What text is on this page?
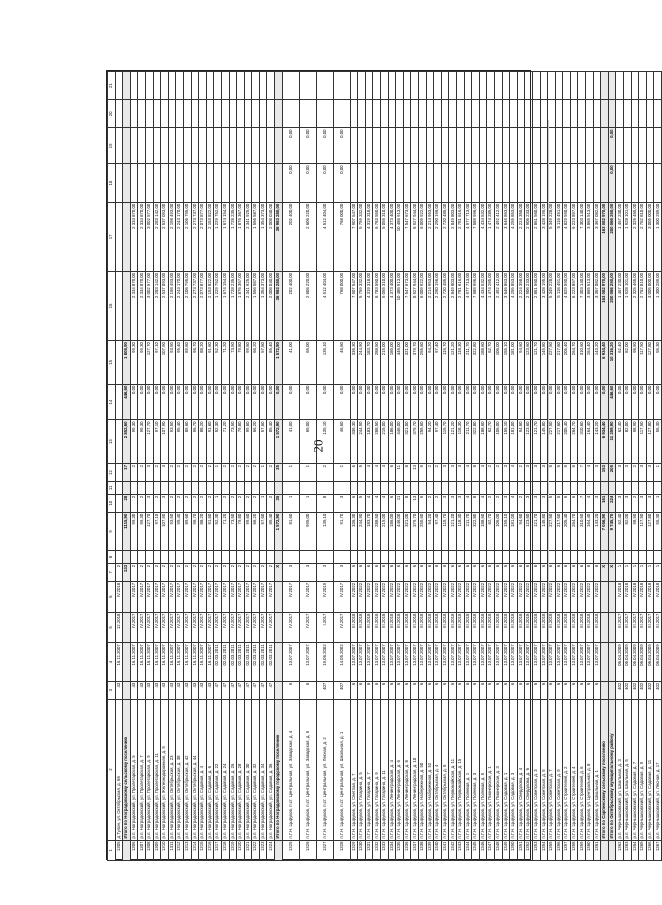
20
1	2	3	4	5	6	7	8	9	10	11	12	13	14	15	16	17	18	19	20	21
1305	д.Тулон, ул. Октябрьская, д. 65	43	16.11.2007	12.2018	IV.2018	2														
	Итого по Ноградовскому сельскому поселению					133		1115,90	28		17	2 852,60	446,60	1 808,90						
1306	р.п. Ноградовский, ул. Пролетарская, д. 5	43	16.11.2007	IV.2017	IV.2017	2		99,30	2		2	99,30	0,00	99,30	2 334 870,00	2 334 870,00				
1307	р.п. Ноградовский, ул. Пролетарская, д. 7	43	16.11.2007	IV.2017	IV.2017	2		99,30	2		2	99,30	0,00	99,30	2 334 870,00	2 334 870,00				
1308	р.п. Ноградовский, ул. Пролетарская, д. 9	43	16.11.2007	IV.2017	IV.2017	2		127,70	3		3	127,70	0,00	127,70	3 002 577,00	3 002 577,00				
1309	р.п. Ноградовский, ул. Пролетарская, д. 11	43	16.11.2007	IV.2017	IV.2017	2		97,10	2		2	97,10	0,00	97,10	2 283 142,00	2 283 142,00				
1310	р.п. Ноградовский, ул. Железнодорожная, д. 5	43	16.11.2007	IV.2017	IV.2017	2		107,90	3		3	107,90	0,00	107,90	2 537 093,00	2 537 093,00				
1311	р.п. Ноградовский, ул. Октябрьская, д. 23	43	16.11.2007	IV.2017	IV.2017	2		93,50	2		2	93,50	0,00	93,50	2 198 493,00	2 198 493,00				
1312	р.п. Ноградовский, ул. Октябрьская, д. 38	43	16.11.2007	IV.2017	IV.2017	2		95,40	2		2	95,40	0,00	95,40	2 243 170,00	2 243 170,00				
1313	р.п. Ноградовский, ул. Октябрьская, д. 42	43	16.11.2007	IV.2017	IV.2017	2		89,60	2		2	89,60	0,00	89,60	2 106 795,00	2 106 795,00				
1314	р.п. Ноградовский, ул. Октябрьская, д. 44	43	16.11.2007	IV.2017	IV.2017	2		96,70	2		2	96,70	0,00	96,70	2 273 737,00	2 273 737,00				
1315	р.п. Ноградовский, ул. Садовая, д. 4	43	16.11.2007	IV.2017	IV.2017	2		88,20	2		2	88,20	0,00	88,20	2 073 877,00	2 073 877,00				
1316	р.п. Ноградовский, ул. Садовая, д. 6	43	16.11.2007	IV.2017	IV.2017	2		91,60	2		2	91,60	0,00	91,60	2 153 822,00	2 153 822,00				
1317	р.п. Ноградовский, ул. Садовая, д. 22	47	02.03.2011	IV.2017	IV.2017	2		52,30	1		1	52,30	0,00	52,30	1 229 752,00	1 229 752,00				
1318	р.п. Ноградовский, ул. Садовая, д. 24	47	02.03.2011	IV.2017	IV.2017	2		71,20	2		2	71,20	0,00	71,20	1 674 154,00	1 674 154,00				
1319	р.п. Ноградовский, ул. Садовая, д. 26	47	02.03.2011	IV.2017	IV.2017	2		73,50	2		2	73,50	0,00	73,50	1 728 235,00	1 728 235,00				
1320	р.п. Ноградовский, ул. Садовая, д. 28	47	02.03.2011	IV.2017	IV.2017	2		79,80	2		2	79,80	0,00	79,80	1 876 367,00	1 876 367,00				
1321	р.п. Ноградовский, ул. Садовая, д. 30	47	02.03.2011	IV.2017	IV.2017	2		99,60	2		2	99,60	0,00	99,60	2 341 925,00	2 341 925,00				
1322	р.п. Ноградовский, ул. Садовая, д. 32	47	02.03.2011	IV.2017	IV.2017	2		66,20	2		2	66,20	0,00	66,20	1 556 587,00	1 556 587,00				
1323	р.п. Ноградовский, ул. Садовая, д. 34	47	02.03.2011	IV.2017	IV.2017	2		57,60	1		1	57,60	0,00	57,60	1 354 373,00	1 354 373,00				
1324	р.п. Ноградовский, ул. Садовая, д. 36	47	02.03.2011	IV.2017	IV.2017	2		85,40	2		2	85,40	0,00	85,40	2 008 040,00	2 008 040,00				
	Итого по Ноградовскому городскому поселению					X		1 572,90	35		35	1 572,90	0,00	1 572,90	36 983 280,00	36 983 280,00				
1325	п.Г.Н. Цыруков, п.ст. Центральная, ул. Заводская, д. 4	6	13.07.2007	IV.2017	IV.2017	3		81,60	1		1	41,00	0,00	41,00	202 400,00	202 400,00	0,00	0,00		
1326	п.Г.Н. Цыруков, п.ст. Центральная, ул. Заводская, д. 5	6	13.07.2007	IV.2017	IV.2017	3		995,00	1		1	65,00	0,00	65,00	2 606 220,00	2 606 220,00	0,00	0,00		
1327	п.Г.Н. Цыруков, п.ст. Центральная, ул. Лесная, д. 2	407	19.06.2002	I.2017	IV.2019	3		135,10	8		2	135,10	0,00	135,10	4 512 404,00	4 512 404,00	0,00	0,00		
1328	п.Г.Н. Цыруков, п.ст. Центральная, ул. Школьная, д. 1	407	14.05.2002	IV.2017	IV.2017	3		91,70	3		1	46,60	0,00	46,60	768 000,00	768 000,00	0,00	0,00		
1329	п.Г.Н. Цыруков, ул. Светлая, д. 7	6	13.07.2007	III.2018	IV.2022	6		336,30	6		6	336,30	0,00	336,30	7 907 547,00	7 907 547,00				
1330	п.Г.Н. Цыруков, ул. Гагарина, д. 5	6	13.07.2007	III.2018	IV.2022	6		244,90	5		5	244,90	0,00	244,90	5 759 332,00	5 759 332,00				
1331	п.Г.Н. Цыруков, ул. Гагарина, д. 7	6	13.07.2007	III.2018	IV.2022	6		183,70	4		4	183,70	0,00	183,70	4 319 318,00	4 319 318,00				
1332	п.Г.Н. Цыруков, ул. Гагарина, д. 9	6	13.07.2007	III.2018	IV.2022	6		288,50	4		4	288,50	0,00	288,50	6 783 550,00	6 783 550,00				
1333	п.Г.Н. Цыруков, ул. Гагарина, д. 11	6	13.07.2007	III.2018	IV.2022	6		215,00	4		4	215,00	0,00	215,00	5 055 310,00	5 055 310,00				
1334	п.Г.Н. Цыруков, ул. Ленинградская, д. 4	6	13.07.2007	III.2018	IV.2022	6		186,00	6		6	186,00	0,00	186,00	4 373 400,00	4 373 400,00				
1335	п.Г.Н. Цыруков, ул. Ленинградская, д. 6	6	13.07.2007	III.2018	IV.2022	6		446,00	11		11	446,00	0,00	446,00	10 486 913,00	10 486 913,00				
1336	п.Г.Н. Цыруков, ул. Ленинградская, д. 8	6	13.07.2007	III.2018	IV.2022	6		321,00	8		8	321,00	0,00	321,00	7 547 673,00	7 547 673,00				
1337	п.Г.Н. Цыруков, ул. Ленинградская, д. 10	6	13.07.2007	III.2018	IV.2022	6		379,70	13		13	379,70	0,00	379,70	8 927 944,00	8 927 944,00				
1338	п.Г.Н. Цыруков, ул. Набережная, д. 50	6	13.07.2007	III.2018	IV.2022	6		255,60	5		5	255,60	0,00	255,60	6 009 922,00	6 009 922,00				
1339	п.Г.Н. Цыруков, ул. Набережная, д. 52	6	13.07.2007	III.2018	IV.2022	6		94,20	2		2	94,20	0,00	94,20	2 214 953,00	2 214 953,00				
1340	п.Г.Н. Цыруков, ул. Октябрьская, д. 4	6	13.07.2007	III.2018	IV.2022	6		97,40	2		2	97,40	0,00	97,40	2 290 196,00	2 290 196,00				
1341	п.Г.Н. Цыруков, ул. Октябрьская, д. 6	6	13.07.2007	III.2018	IV.2022	6		115,70	3		3	115,70	0,00	115,70	2 720 485,00	2 720 485,00				
1342	п.Г.Н. Цыруков, ул. Первомайская, д. 11	6	13.07.2007	III.2018	IV.2022	6		121,20	3		3	121,20	0,00	121,20	2 849 803,00	2 849 803,00				
1343	п.Г.Н. Цыруков, ул. Первомайская, д. 15	6	13.07.2007	III.2018	IV.2022	6		118,30	3		3	118,30	0,00	118,30	2 781 616,00	2 781 616,00				
1344	п.Г.Н. Цыруков, ул. Полевая, д. 1	6	13.07.2007	III.2018	IV.2022	6		211,70	4		4	211,70	0,00	211,70	4 977 713,00	4 977 713,00				
1345	п.Г.Н. Цыруков, ул. Полевая, д. 3	6	13.07.2007	III.2018	IV.2022	6		322,80	8		8	322,80	0,00	322,80	7 589 996,00	7 589 996,00				
1346	п.Г.Н. Цыруков, ул. Полевая, д. 5	6	13.07.2007	III.2018	IV.2022	6		188,60	4		4	188,60	0,00	188,60	4 434 532,00	4 434 532,00				
1347	п.Г.Н. Цыруков, ул. Пионерская, д. 1	6	13.07.2007	III.2018	IV.2022	6		62,70	2		2	62,70	0,00	62,70	1 474 285,00	1 474 285,00				
1348	п.Г.Н. Цыруков, ул. Пионерская, д. 3	6	13.07.2007	III.2018	IV.2022	6		106,00	2		2	106,00	0,00	106,00	2 492 412,00	2 492 412,00				
1349	п.Г.Н. Цыруков, ул. Садовая, д. 1	6	13.07.2007	III.2018	IV.2022	6		155,10	3		3	155,10	0,00	155,10	3 646 863,00	3 646 863,00				
1350	п.Г.Н. Цыруков, ул. Садовая, д. 3	6	13.07.2007	III.2018	IV.2022	6		181,00	4		4	181,00	0,00	181,00	4 255 853,00	4 255 853,00				
1351	п.Г.Н. Цыруков, ул. Свердлова, д. 4	6	13.07.2007	III.2018	IV.2022	6		94,60	2		2	94,60	0,00	94,60	2 224 358,00	2 224 358,00				
1352	п.Г.Н. Цыруков, ул. Свердлова, д. 6	6	13.07.2007	III.2018	IV.2022	6		123,60	3		3	123,60	0,00	123,60	2 906 233,00	2 906 233,00				
1353	п.Г.Н. Цыруков, ул. Советская, д. 3	6	13.07.2007	III.2018	IV.2022	6		121,70	3		3	121,70	0,00	121,70	2 861 560,00	2 861 560,00				
1354	п.Г.Н. Цыруков, ул. Советская, д. 5	6	13.07.2007	III.2018	IV.2022	6		145,80	3		3	145,80	0,00	145,80	3 428 195,00	3 428 195,00				
1355	п.Г.Н. Цыруков, ул. Советская, д. 7	6	13.07.2007	III.2018	IV.2022	6		227,50	5		5	227,50	0,00	227,50	5 349 228,00	5 349 228,00				
1356	п.Г.Н. Цыруков, ул. Советская, д. 9	6	13.07.2007	III.2018	IV.2022	6		217,60	5		5	217,60	0,00	217,60	5 116 451,00	5 116 451,00				
1357	п.Г.Н. Цыруков, ул. Строителей, д. 2	6	13.07.2007	III.2018	IV.2022	6		205,40	5		5	205,40	0,00	205,40	4 829 590,00	4 829 590,00				
1358	п.Г.Н. Цыруков, ул. Строителей, д. 4	6	13.07.2007	III.2018	IV.2022	6		264,70	6		6	264,70	0,00	264,70	6 223 897,00	6 223 897,00				
1359	п.Г.Н. Цыруков, ул. Строителей, д. 6	6	13.07.2007	III.2018	IV.2022	6		310,60	7		7	310,60	0,00	310,60	7 303 140,00	7 303 140,00				
1360	п.Г.Н. Цыруков, ул. Центральная, д. 8	6	13.07.2007	III.2018	IV.2022	6		164,40	4		4	164,40	0,00	164,40	3 865 513,00	3 865 513,00				
1361	п.Г.Н. Цыруков, ул. Школьная, д. 1	6	13.07.2007	III.2018	IV.2022	6		143,20	3		3	143,20	0,00	143,20	3 367 082,00	3 367 082,00				
	Итого по Сарпинскому сельскому поселению					X		7 056,90	161		153	6 934,40	0,00	6 934,40	163 082 970,00	163 082 970,00				
	Итого по Октябрьскому муниципальному району					X		9 745,70	224		205	11 359,90	446,60	10 316,20	200 066 250,00	200 066 250,00	0,00	0,00		
1362	р.п. Чернышковский, ул. Школьная, д. 3	402	06.04.2009	III.2017	IV.2018	1		62,40	3		3	62,40	0,00	62,40	1 467 230,00	1 467 230,00				
1363	р.п. Чернышковский, ул. Школьная, д. 5	402	06.04.2009	III.2017	IV.2018	1		82,00	3		3	82,00	0,00	82,00	1 928 101,00	1 928 101,00				
1364	р.п. Чернышковский, ул. Садовая, д. 7	402	06.04.2009	III.2017	IV.2018	1		98,90	2		2	98,90	0,00	98,90	2 325 465,00	2 325 465,00				
1365	р.п. Чернышковский, ул. Садовая, д. 9	402	06.04.2009	III.2017	IV.2018	1		117,50	3		3	117,50	0,00	117,50	2 762 810,00	2 762 810,00				
1366	р.п. Чернышковский, ул. Садовая, д. 11	402	06.04.2009	III.2017	IV.2018	1		127,80	3		3	127,80	0,00	127,80	3 005 000,00	3 005 000,00				
1367	р.п. Чернышковский, ул. Лесная, д. 17	402	06.04.2009	III.2017	IV.2018	1		55,30	1		1	55,30	0,00	55,30	1 300 289,00	1 300 289,00				
